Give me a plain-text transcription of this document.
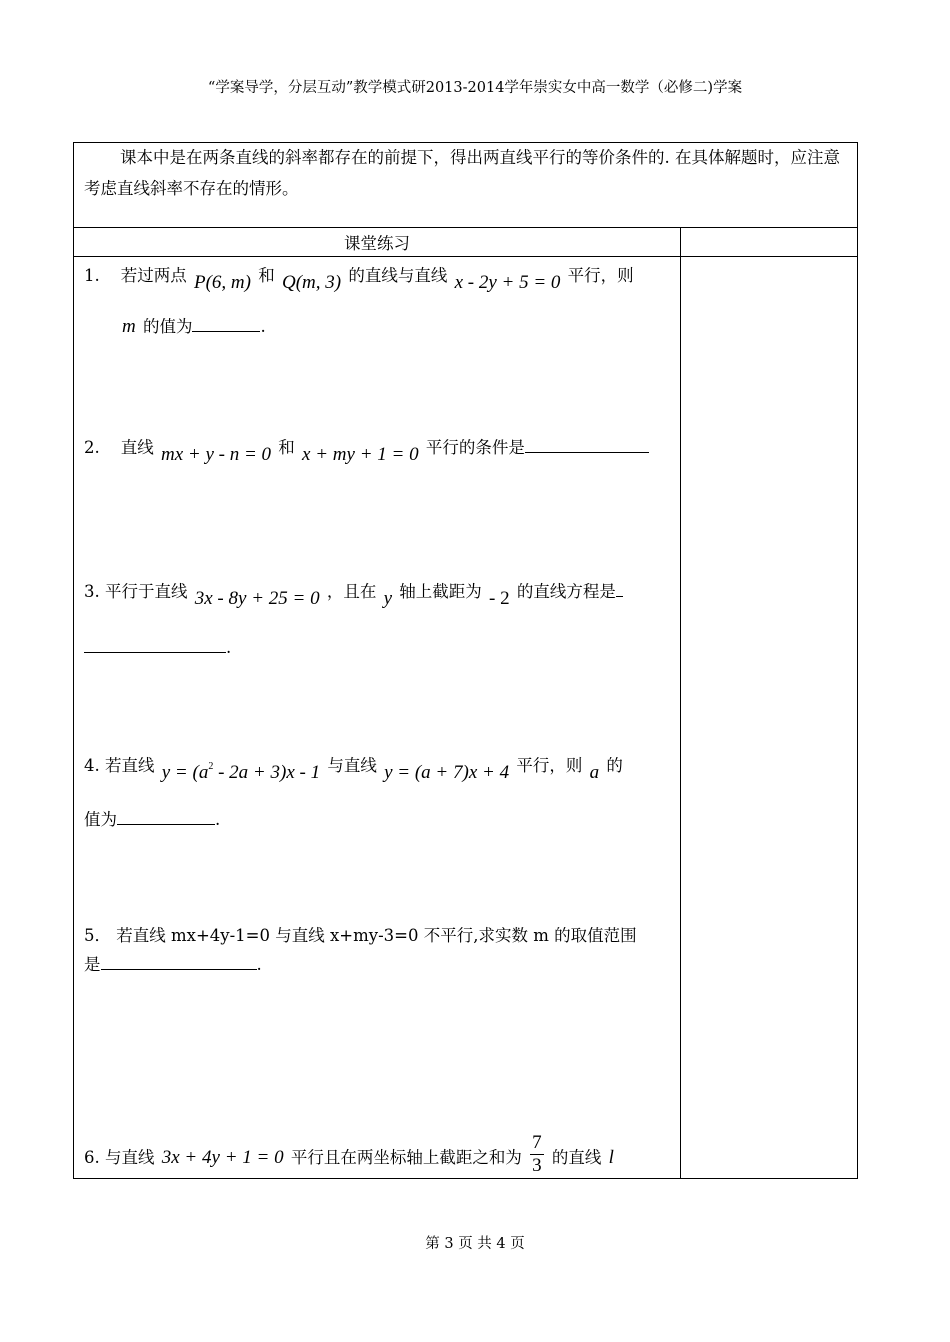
“学案导学，分层互动”教学模式研2013-2014学年崇实女中高一数学（必修二)学案
课本中是在两条直线的斜率都存在的前提下，得出两直线平行的等价条件的. 在具体解题时，应注意考虑直线斜率不存在的情形。
课堂练习
1. 若过两点 P(6, m) 和 Q(m, 3) 的直线与直线 x - 2y + 5 = 0 平行，则
m 的值为	.
2. 直线 mx + y - n = 0 和 x + my + 1 = 0 平行的条件是
3. 平行于直线 3x - 8y + 25 = 0 ，且在 y 轴上截距为 - 2 的直线方程是
.
4. 若直线 $y = (a^2 - 2a + 3)x - 1$ 与直线 y = (a + 7)x + 4 平行，则 a 的
值为	.
5． 若直线 mx+4y-1=0 与直线 x+my-3=0 不平行,求实数 m 的取值范围
是	.
6. 与直线 3x + 4y + 1 = 0 平行且在两坐标轴上截距之和为 $\frac{7}{3}$ 的直线 l
第 3 页 共 4 页
